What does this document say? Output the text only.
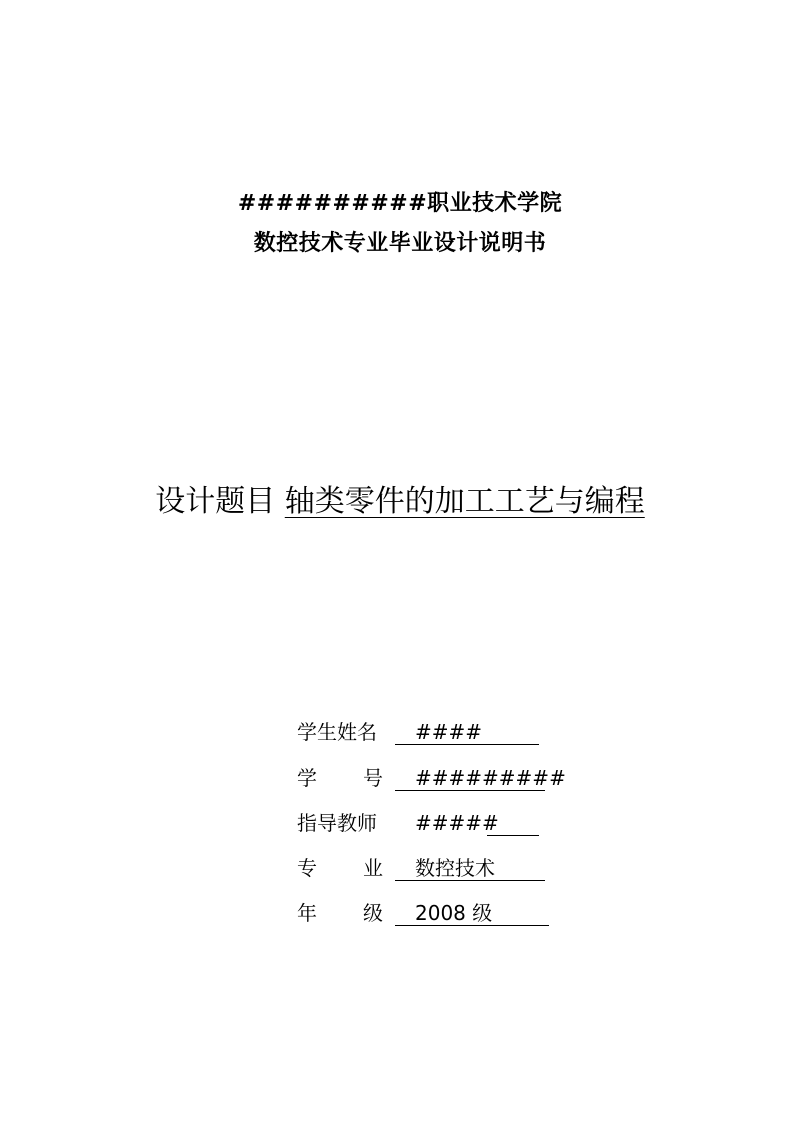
##########职业技术学院
数控技术专业毕业设计说明书
设计题目 轴类零件的加工工艺与编程
学生姓名 ####
学 号 #########
指导教师 #####
专 业 数控技术
年 级 2008 级
